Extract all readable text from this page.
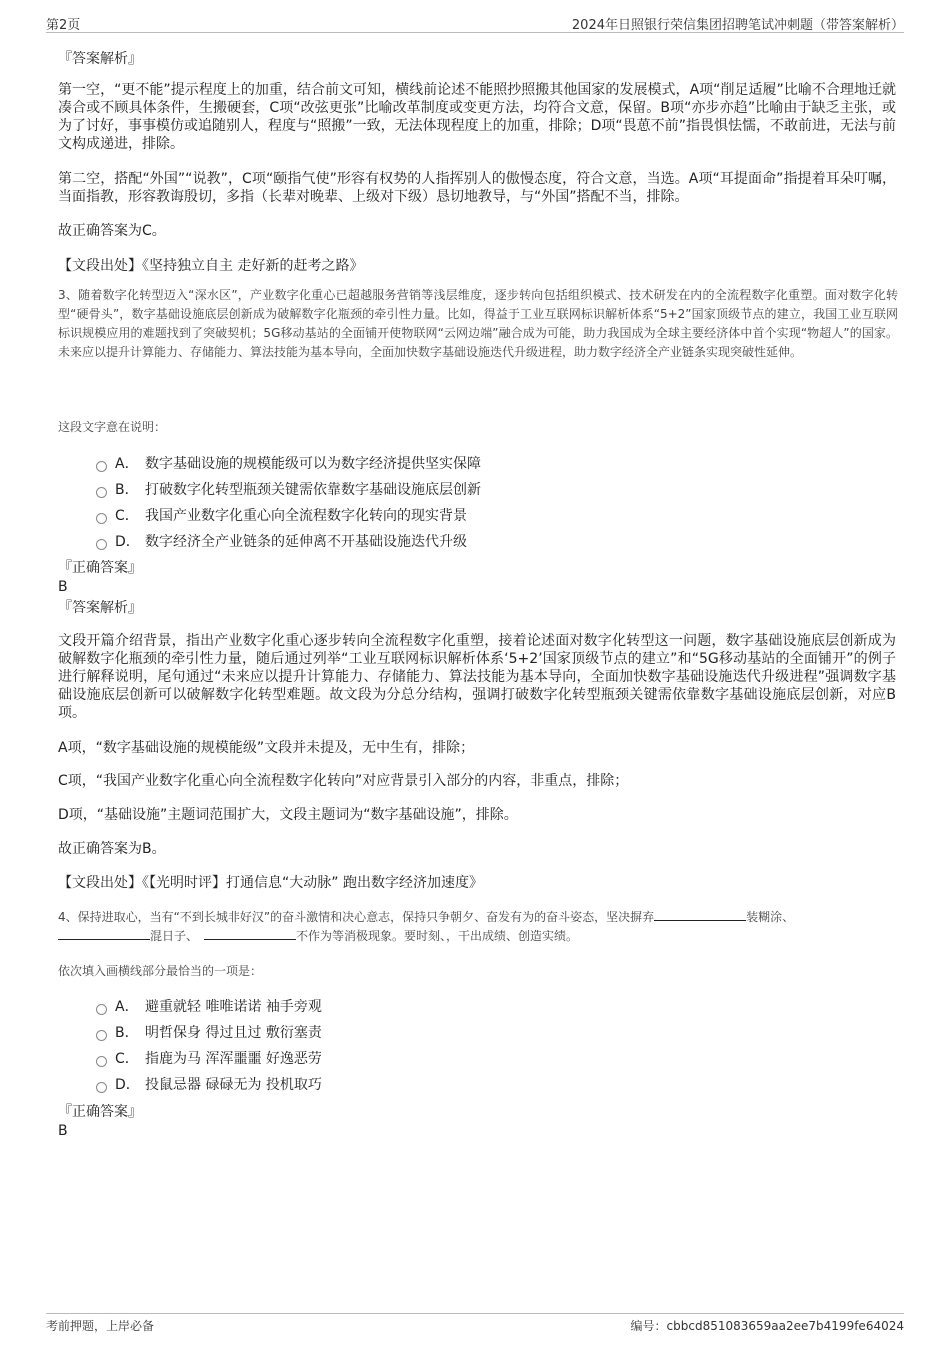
第2页	2024年日照银行荣信集团招聘笔试冲刺题（带答案解析）
『答案解析』
第一空，“更不能”提示程度上的加重，结合前文可知，横线前论述不能照抄照搬其他国家的发展模式，A项“削足适履”比喻不合理地迁就凑合或不顾具体条件，生搬硬套，C项“改弦更张”比喻改革制度或变更方法，均符合文意，保留。B项“亦步亦趋”比喻由于缺乏主张，或为了讨好，事事模仿或追随别人，程度与“照搬”一致，无法体现程度上的加重，排除；D项“畏葸不前”指畏惧怯懦，不敢前进，无法与前文构成递进，排除。
第二空，搭配“外国”“说教”，C项“颐指气使”形容有权势的人指挥别人的傲慢态度，符合文意，当选。A项“耳提面命”指提着耳朵叮嘱，当面指教，形容教诲殷切，多指（长辈对晚辈、上级对下级）恳切地教导，与“外国”搭配不当，排除。
故正确答案为C。
【文段出处】《坚持独立自主 走好新的赶考之路》
3、随着数字化转型迈入“深水区”，产业数字化重心已超越服务营销等浅层维度，逐步转向包括组织模式、技术研发在内的全流程数字化重塑。面对数字化转型“硬骨头”，数字基础设施底层创新成为破解数字化瓶颈的牵引性力量。比如，得益于工业互联网标识解析体系“5+2”国家顶级节点的建立，我国工业互联网标识规模应用的难题找到了突破契机；5G移动基站的全面铺开使物联网“云网边端”融合成为可能，助力我国成为全球主要经济体中首个实现“物超人”的国家。未来应以提升计算能力、存储能力、算法技能为基本导向，全面加快数字基础设施迭代升级进程，助力数字经济全产业链条实现突破性延伸。
这段文字意在说明：
A． 数字基础设施的规模能级可以为数字经济提供坚实保障
B． 打破数字化转型瓶颈关键需依靠数字基础设施底层创新
C． 我国产业数字化重心向全流程数字化转向的现实背景
D． 数字经济全产业链条的延伸离不开基础设施迭代升级
『正确答案』
B
『答案解析』
文段开篇介绍背景，指出产业数字化重心逐步转向全流程数字化重塑，接着论述面对数字化转型这一问题，数字基础设施底层创新成为破解数字化瓶颈的牵引性力量，随后通过列举“工业互联网标识解析体系‘5+2’国家顶级节点的建立”和“5G移动基站的全面铺开”的例子进行解释说明，尾句通过“未来应以提升计算能力、存储能力、算法技能为基本导向，全面加快数字基础设施迭代升级进程”强调数字基础设施底层创新可以破解数字化转型难题。故文段为分总分结构，强调打破数字化转型瓶颈关键需依靠数字基础设施底层创新，对应B项。
A项，“数字基础设施的规模能级”文段并未提及，无中生有，排除；
C项，“我国产业数字化重心向全流程数字化转向”对应背景引入部分的内容，非重点，排除；
D项，“基础设施”主题词范围扩大，文段主题词为“数字基础设施”，排除。
故正确答案为B。
【文段出处】《【光明时评】打通信息“大动脉” 跑出数字经济加速度》
4、保持进取心，当有“不到长城非好汉”的奋斗激情和决心意志，保持只争朝夕、奋发有为的奋斗姿态，坚决摒弃	装糊涂、
混日子、	不作为等消极现象。要时刻、，干出成绩、创造实绩。
依次填入画横线部分最恰当的一项是：
A． 避重就轻 唯唯诺诺 袖手旁观
B． 明哲保身 得过且过 敷衍塞责
C． 指鹿为马 浑浑噩噩 好逸恶劳
D． 投鼠忌器 碌碌无为 投机取巧
『正确答案』
B
考前押题，上岸必备	编号：cbbcd851083659aa2ee7b4199fe64024
